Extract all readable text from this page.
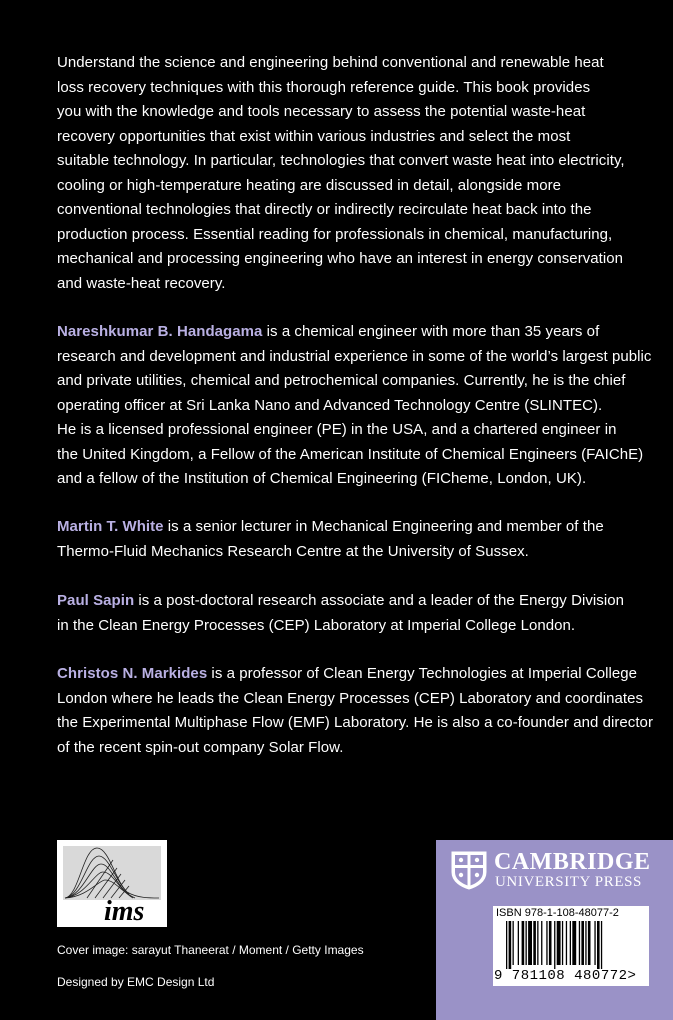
Understand the science and engineering behind conventional and renewable heat
loss recovery techniques with this thorough reference guide. This book provides
you with the knowledge and tools necessary to assess the potential waste-heat
recovery opportunities that exist within various industries and select the most
suitable technology. In particular, technologies that convert waste heat into electricity,
cooling or high-temperature heating are discussed in detail, alongside more
conventional technologies that directly or indirectly recirculate heat back into the
production process. Essential reading for professionals in chemical, manufacturing,
mechanical and processing engineering who have an interest in energy conservation
and waste-heat recovery.
Nareshkumar B. Handagama is a chemical engineer with more than 35 years of
research and development and industrial experience in some of the world’s largest public
and private utilities, chemical and petrochemical companies. Currently, he is the chief
operating officer at Sri Lanka Nano and Advanced Technology Centre (SLINTEC).
He is a licensed professional engineer (PE) in the USA, and a chartered engineer in
the United Kingdom, a Fellow of the American Institute of Chemical Engineers (FAIChE)
and a fellow of the Institution of Chemical Engineering (FICheme, London, UK).
Martin T. White is a senior lecturer in Mechanical Engineering and member of the
Thermo-Fluid Mechanics Research Centre at the University of Sussex.
Paul Sapin is a post-doctoral research associate and a leader of the Energy Division
in the Clean Energy Processes (CEP) Laboratory at Imperial College London.
Christos N. Markides is a professor of Clean Energy Technologies at Imperial College
London where he leads the Clean Energy Processes (CEP) Laboratory and coordinates
the Experimental Multiphase Flow (EMF) Laboratory. He is also a co-founder and director
of the recent spin-out company Solar Flow.
ims
Cover image: sarayut Thaneerat / Moment / Getty Images
Designed by EMC Design Ltd
CAMBRIDGE
UNIVERSITY PRESS
ISBN 978-1-108-48077-2
9 781108 480772>
